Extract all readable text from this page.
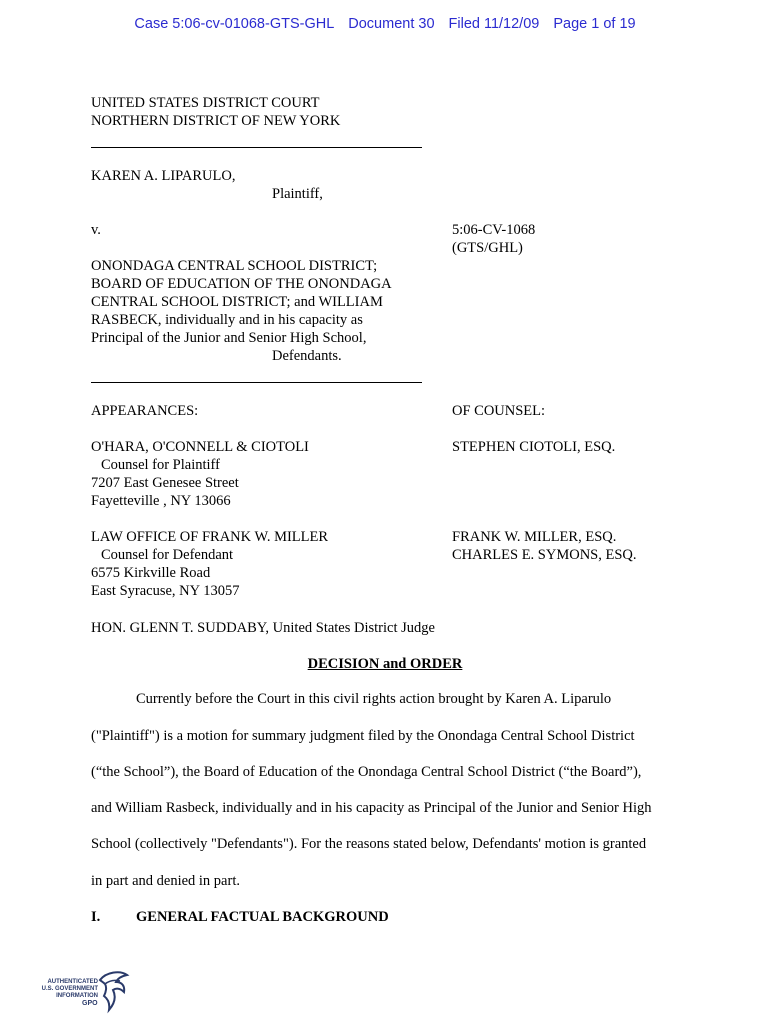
Case 5:06-cv-01068-GTS-GHL Document 30 Filed 11/12/09 Page 1 of 19
UNITED STATES DISTRICT COURT
NORTHERN DISTRICT OF NEW YORK
KAREN A. LIPARULO,
Plaintiff,
v.	5:06-CV-1068
(GTS/GHL)
ONONDAGA CENTRAL SCHOOL DISTRICT;
BOARD OF EDUCATION OF THE ONONDAGA
CENTRAL SCHOOL DISTRICT; and WILLIAM
RASBECK, individually and in his capacity as
Principal of the Junior and Senior High School,
Defendants.
APPEARANCES:	OF COUNSEL:
O'HARA, O'CONNELL & CIOTOLI
Counsel for Plaintiff
7207 East Genesee Street
Fayetteville , NY 13066
STEPHEN CIOTOLI, ESQ.
LAW OFFICE OF FRANK W. MILLER
Counsel for Defendant
6575 Kirkville Road
East Syracuse, NY 13057
FRANK W. MILLER, ESQ.
CHARLES E. SYMONS, ESQ.
HON. GLENN T. SUDDABY, United States District Judge
DECISION and ORDER
Currently before the Court in this civil rights action brought by Karen A. Liparulo
("Plaintiff") is a motion for summary judgment filed by the Onondaga Central School District
(“the School”), the Board of Education of the Onondaga Central School District (“the Board”),
and William Rasbeck, individually and in his capacity as Principal of the Junior and Senior High
School (collectively "Defendants"). For the reasons stated below, Defendants' motion is granted
in part and denied in part.
I. GENERAL FACTUAL BACKGROUND
AUTHENTICATED
U.S. GOVERNMENT
INFORMATION
GPO
